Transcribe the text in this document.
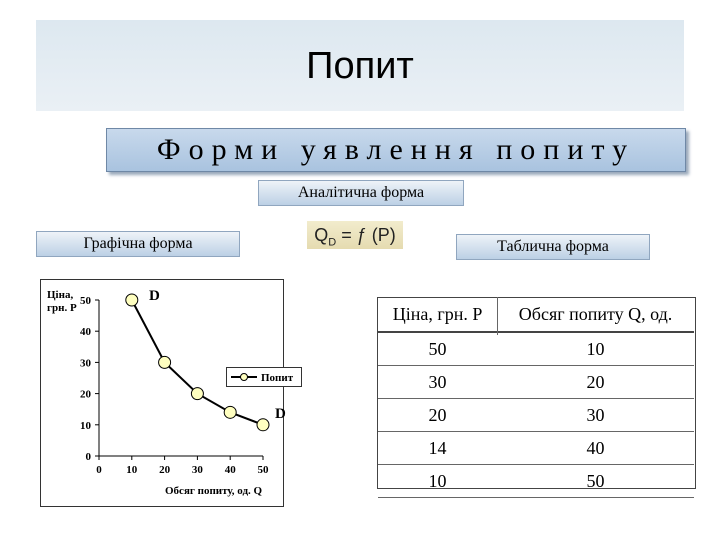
Попит
Форми уявлення попиту
Аналітична форма
Графічна форма	Таблична форма
$Q_D$ = ƒ (P)
Ціна,
грн. Р
Обсяг попиту, од. Q
D
D
0
10
20
30
40
50
0 10 20 30 40 50
Попит
Ціна, грн. Р	Обсяг попиту Q, од.
50	10
30	20
20	30
14	40
10	50
